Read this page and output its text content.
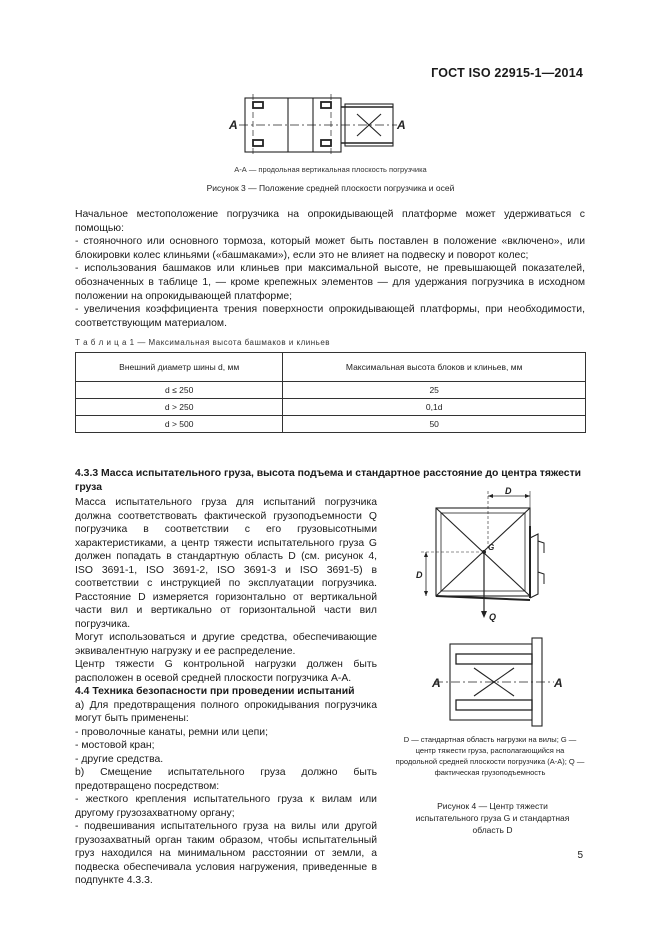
ГОСТ ISO 22915-1—2014
A	A
А-А — продольная вертикальная плоскость погрузчика
Рисунок 3 — Положение средней плоскости погрузчика и осей

Начальное местоположение погрузчика на опрокидывающей платформе может удерживаться с помощью:

- стояночного или основного тормоза, который может быть поставлен в положение «включено», или блокировки колес клиньями («башмаками»), если это не влияет на подвеску и поворот колес;

- использования башмаков или клиньев при максимальной высоте, не превышающей показателей, обозначенных в таблице 1, — кроме крепежных элементов — для удержания погрузчика в исходном положении на опрокидывающей платформе;

- увеличения коэффициента трения поверхности опрокидывающей платформы, при необходимости, соответствующим материалом.

Т а б л и ц а 1 — Максимальная высота башмаков и клиньев
Внешний диаметр шины d, мм	Максимальная высота блоков и клиньев, мм
d ≤ 250	25
d > 250	0,1d
d > 500	50
4.3.3 Масса испытательного груза, высота подъема и стандартное расстояние до центра тяжести груза

Масса испытательного груза для испытаний погрузчика должна соответствовать фактической грузоподъемности Q погрузчика в соответствии с его грузовысотными характеристиками, а центр тяжести испытательного груза G должен попадать в стандартную область D (см. рисунок 4, ISO 3691-1, ISO 3691-2, ISO 3691-3 и ISO 3691-5) в соответствии с инструкцией по эксплуатации погрузчика. Расстояние D измеряется горизонтально от вертикальной части вил и вертикально от горизонтальной части вил погрузчика.

Могут использоваться и другие средства, обеспечивающие эквивалентную нагрузку и ее распределение.

Центр тяжести G контрольной нагрузки должен быть расположен в осевой средней плоскости погрузчика А-А.

4.4 Техника безопасности при проведении испытаний

а) Для предотвращения полного опрокидывания погрузчика могут быть применены:

- проволочные канаты, ремни или цепи;

- мостовой кран;

- другие средства.

b) Смещение испытательного груза должно быть предотвращено посредством:

- жесткого крепления испытательного груза к вилам или другому грузозахватному органу;

- подвешивания испытательного груза на вилы или другой грузозахватный орган таким образом, чтобы испытательный груз находился на минимальном расстоянии от земли, а подвеска обеспечивала условия нагружения, приведенные в подпункте 4.3.3.

D
D
G
Q
A	A
D — стандартная область нагрузки на вилы; G — центр тяжести груза, располагающийся на продольной средней плоскости погрузчика (А-А); Q — фактическая грузоподъемность
Рисунок 4 — Центр тяжести испытательного груза G и стандартная область D
5
